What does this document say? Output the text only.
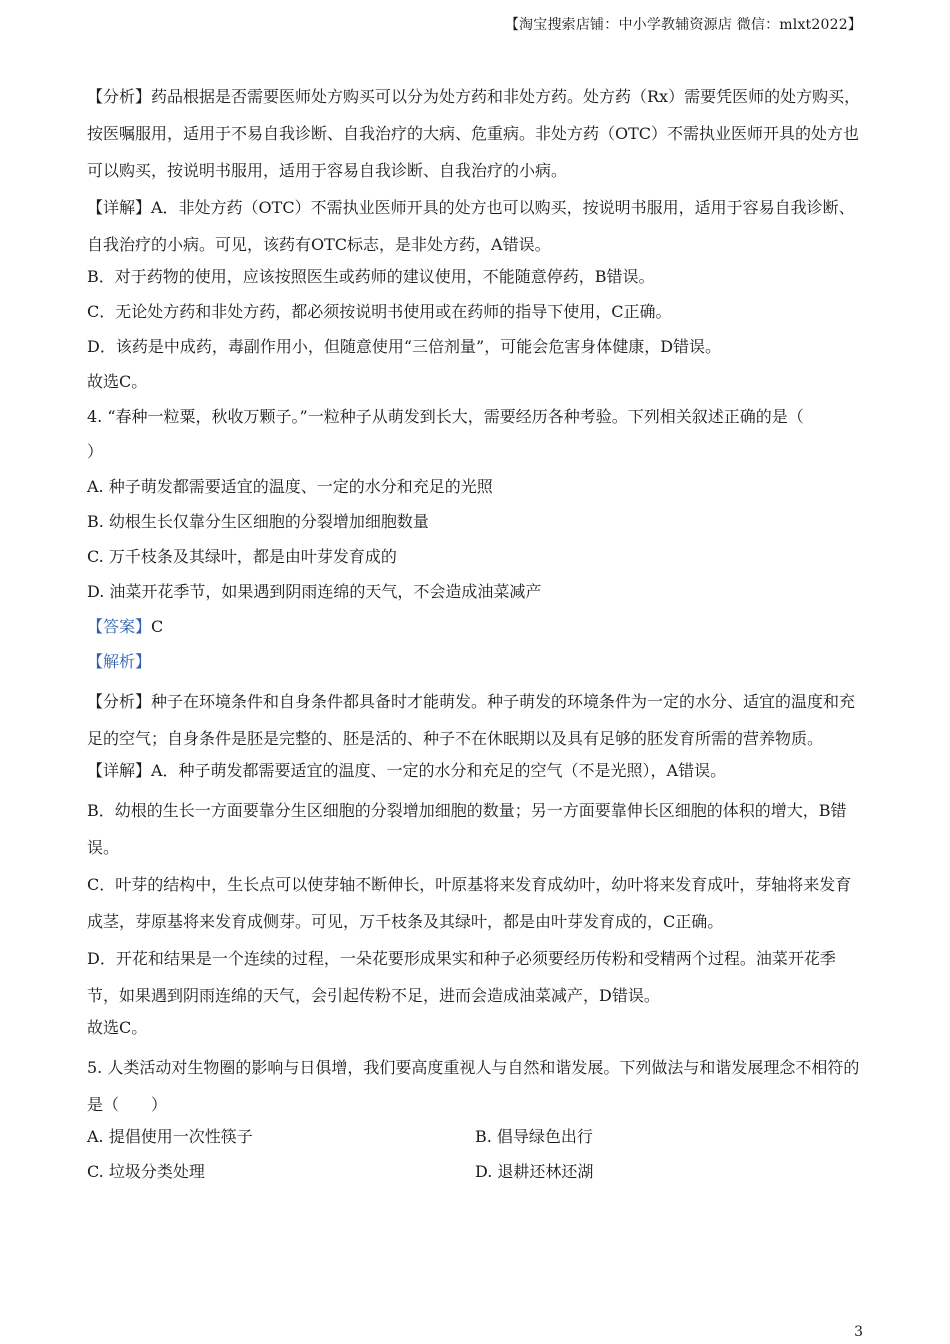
【淘宝搜索店铺：中小学教辅资源店 微信：mlxt2022】
【分析】药品根据是否需要医师处方购买可以分为处方药和非处方药。处方药（Rx）需要凭医师的处方购买，按医嘱服用，适用于不易自我诊断、自我治疗的大病、危重病。非处方药（OTC）不需执业医师开具的处方也可以购买，按说明书服用，适用于容易自我诊断、自我治疗的小病。
【详解】A．非处方药（OTC）不需执业医师开具的处方也可以购买，按说明书服用，适用于容易自我诊断、自我治疗的小病。可见，该药有OTC标志，是非处方药，A错误。
B．对于药物的使用，应该按照医生或药师的建议使用，不能随意停药，B错误。
C．无论处方药和非处方药，都必须按说明书使用或在药师的指导下使用，C正确。
D．该药是中成药，毒副作用小，但随意使用“三倍剂量”，可能会危害身体健康，D错误。
故选C。
4. “春种一粒粟，秋收万颗子。”一粒种子从萌发到长大，需要经历各种考验。下列相关叙述正确的是（
）
A. 种子萌发都需要适宜的温度、一定的水分和充足的光照
B. 幼根生长仅靠分生区细胞的分裂增加细胞数量
C. 万千枝条及其绿叶，都是由叶芽发育成的
D. 油菜开花季节，如果遇到阴雨连绵的天气，不会造成油菜减产
【答案】C
【解析】
【分析】种子在环境条件和自身条件都具备时才能萌发。种子萌发的环境条件为一定的水分、适宜的温度和充足的空气；自身条件是胚是完整的、胚是活的、种子不在休眠期以及具有足够的胚发育所需的营养物质。
【详解】A．种子萌发都需要适宜的温度、一定的水分和充足的空气（不是光照），A错误。
B．幼根的生长一方面要靠分生区细胞的分裂增加细胞的数量；另一方面要靠伸长区细胞的体积的增大，B错误。
C．叶芽的结构中，生长点可以使芽轴不断伸长，叶原基将来发育成幼叶，幼叶将来发育成叶，芽轴将来发育成茎，芽原基将来发育成侧芽。可见，万千枝条及其绿叶，都是由叶芽发育成的，C正确。
D．开花和结果是一个连续的过程，一朵花要形成果实和种子必须要经历传粉和受精两个过程。油菜开花季节，如果遇到阴雨连绵的天气，会引起传粉不足，进而会造成油菜减产，D错误。
故选C。
5. 人类活动对生物圈的影响与日俱增，我们要高度重视人与自然和谐发展。下列做法与和谐发展理念不相符的是（　　）
A. 提倡使用一次性筷子	B. 倡导绿色出行
C. 垃圾分类处理	D. 退耕还林还湖
3
